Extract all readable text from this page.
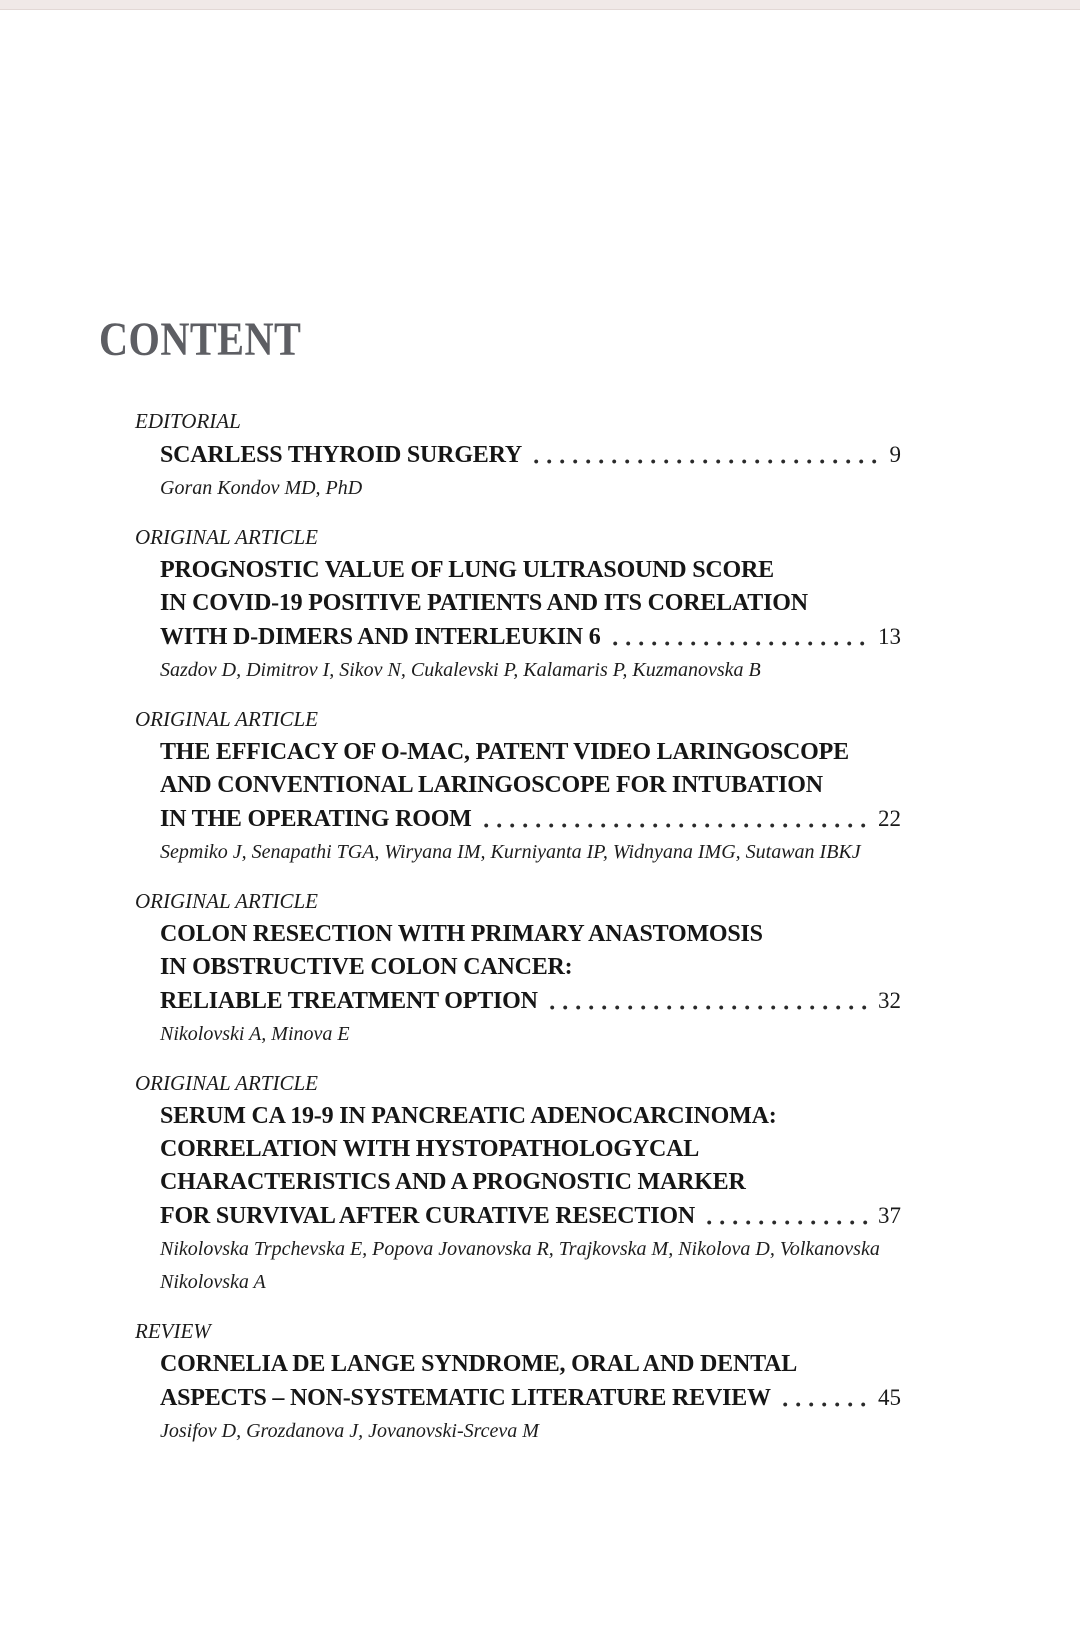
CONTENT
EDITORIAL
SCARLESS THYROID SURGERY	9
Goran Kondov MD, PhD
ORIGINAL ARTICLE
PROGNOSTIC VALUE OF LUNG ULTRASOUND SCORE
IN COVID-19 POSITIVE PATIENTS AND ITS CORELATION
WITH D-DIMERS AND INTERLEUKIN 6	13
Sazdov D, Dimitrov I, Sikov N, Cukalevski P, Kalamaris P, Kuzmanovska B
ORIGINAL ARTICLE
THE EFFICACY OF O-MAC, PATENT VIDEO LARINGOSCOPE
AND CONVENTIONAL LARINGOSCOPE FOR INTUBATION
IN THE OPERATING ROOM	22
Sepmiko J, Senapathi TGA, Wiryana IM, Kurniyanta IP, Widnyana IMG, Sutawan IBKJ
ORIGINAL ARTICLE
COLON RESECTION WITH PRIMARY ANASTOMOSIS
IN OBSTRUCTIVE COLON CANCER:
RELIABLE TREATMENT OPTION	32
Nikolovski A, Minova E
ORIGINAL ARTICLE
SERUM CA 19-9 IN PANCREATIC ADENOCARCINOMA:
CORRELATION WITH HYSTOPATHOLOGYCAL
CHARACTERISTICS AND A PROGNOSTIC MARKER
FOR SURVIVAL AFTER CURATIVE RESECTION	37
Nikolovska Trpchevska E, Popova Jovanovska R, Trajkovska M, Nikolova D, Volkanovska
Nikolovska A
REVIEW
CORNELIA DE LANGE SYNDROME, ORAL AND DENTAL
ASPECTS – NON-SYSTEMATIC LITERATURE REVIEW	45
Josifov D, Grozdanova J, Jovanovski-Srceva M
